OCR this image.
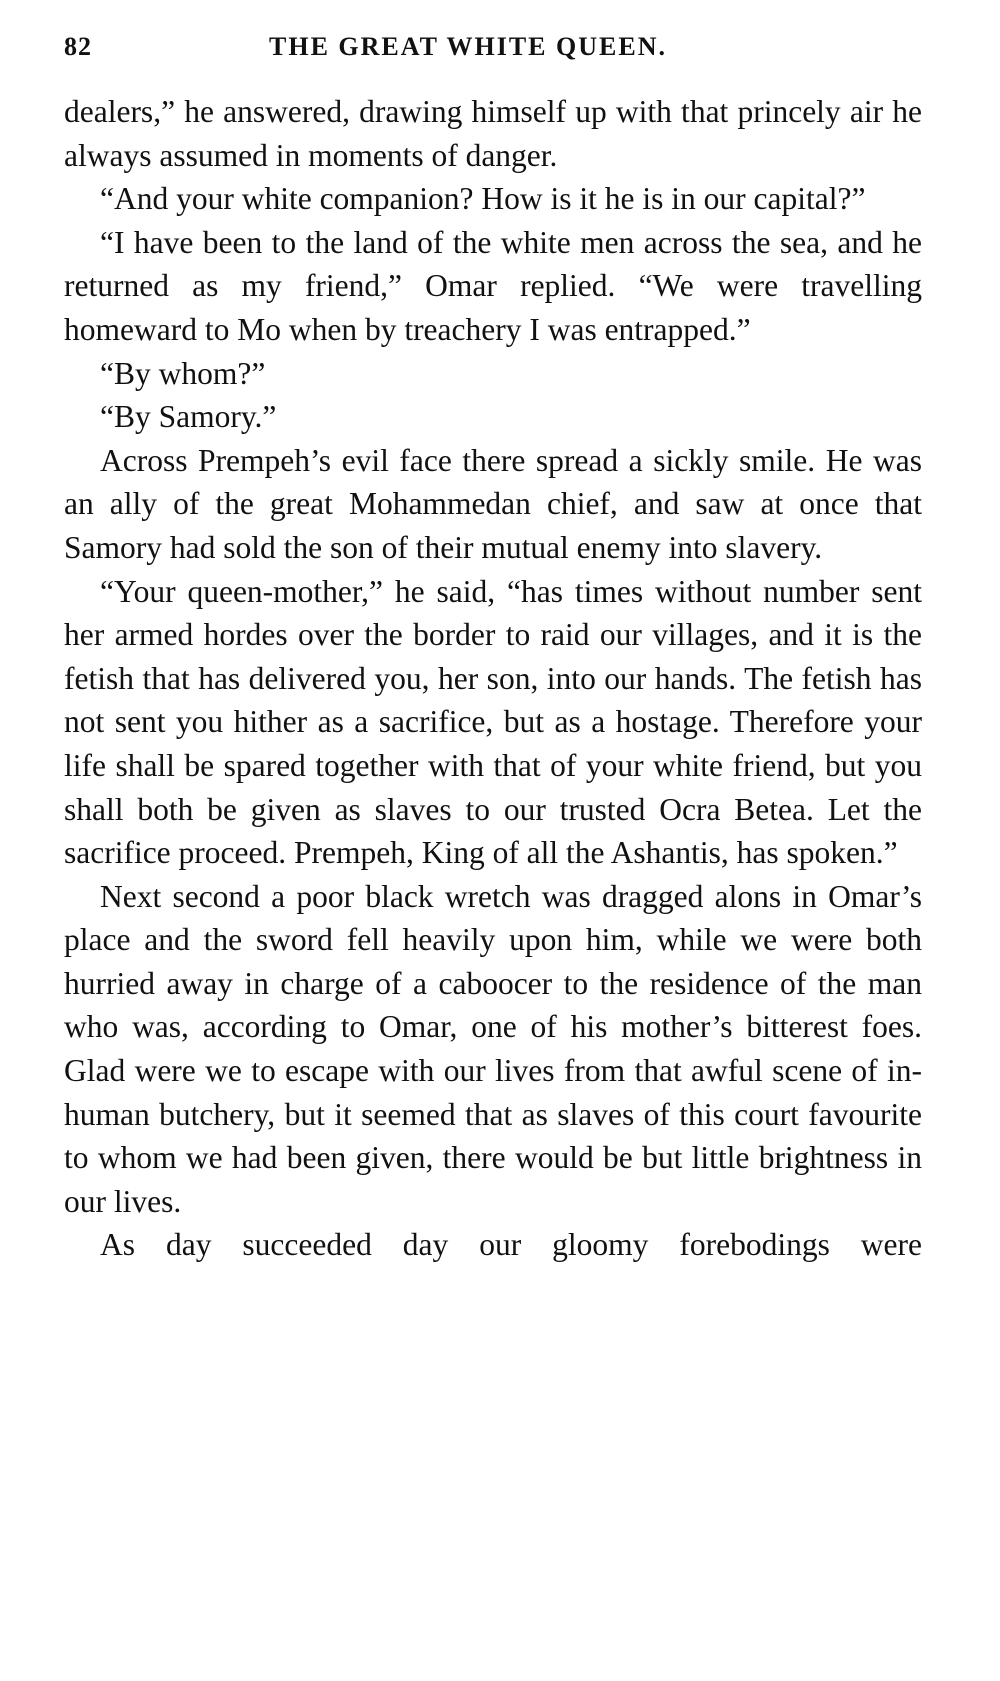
82	THE GREAT WHITE QUEEN.

dealers,” he answered, drawing himself up with that princely air he always assumed in moments of danger.

“And your white companion? How is it he is in our capital?”

“I have been to the land of the white men across the sea, and he returned as my friend,” Omar replied. “We were travelling homeward to Mo when by treachery I was entrapped.”

“By whom?”

“By Samory.”

Across Prempeh’s evil face there spread a sickly smile. He was an ally of the great Mohammedan chief, and saw at once that Samory had sold the son of their mutual enemy into slavery.

“Your queen-mother,” he said, “has times without number sent her armed hordes over the border to raid our villages, and it is the fetish that has delivered you, her son, into our hands. The fetish has not sent you hither as a sacrifice, but as a hostage. Therefore your life shall be spared together with that of your white friend, but you shall both be given as slaves to our trusted Ocra Betea. Let the sacrifice proceed. Prempeh, King of all the Ashantis, has spoken.”

Next second a poor black wretch was dragged alons in Omar’s place and the sword fell heavily upon him, while we were both hurried away in charge of a caboocer to the residence of the man who was, according to Omar, one of his mother’s bitterest foes. Glad were we to escape with our lives from that awful scene of in-human butchery, but it seemed that as slaves of this court favourite to whom we had been given, there would be but little brightness in our lives.

As day succeeded day our gloomy forebodings were
